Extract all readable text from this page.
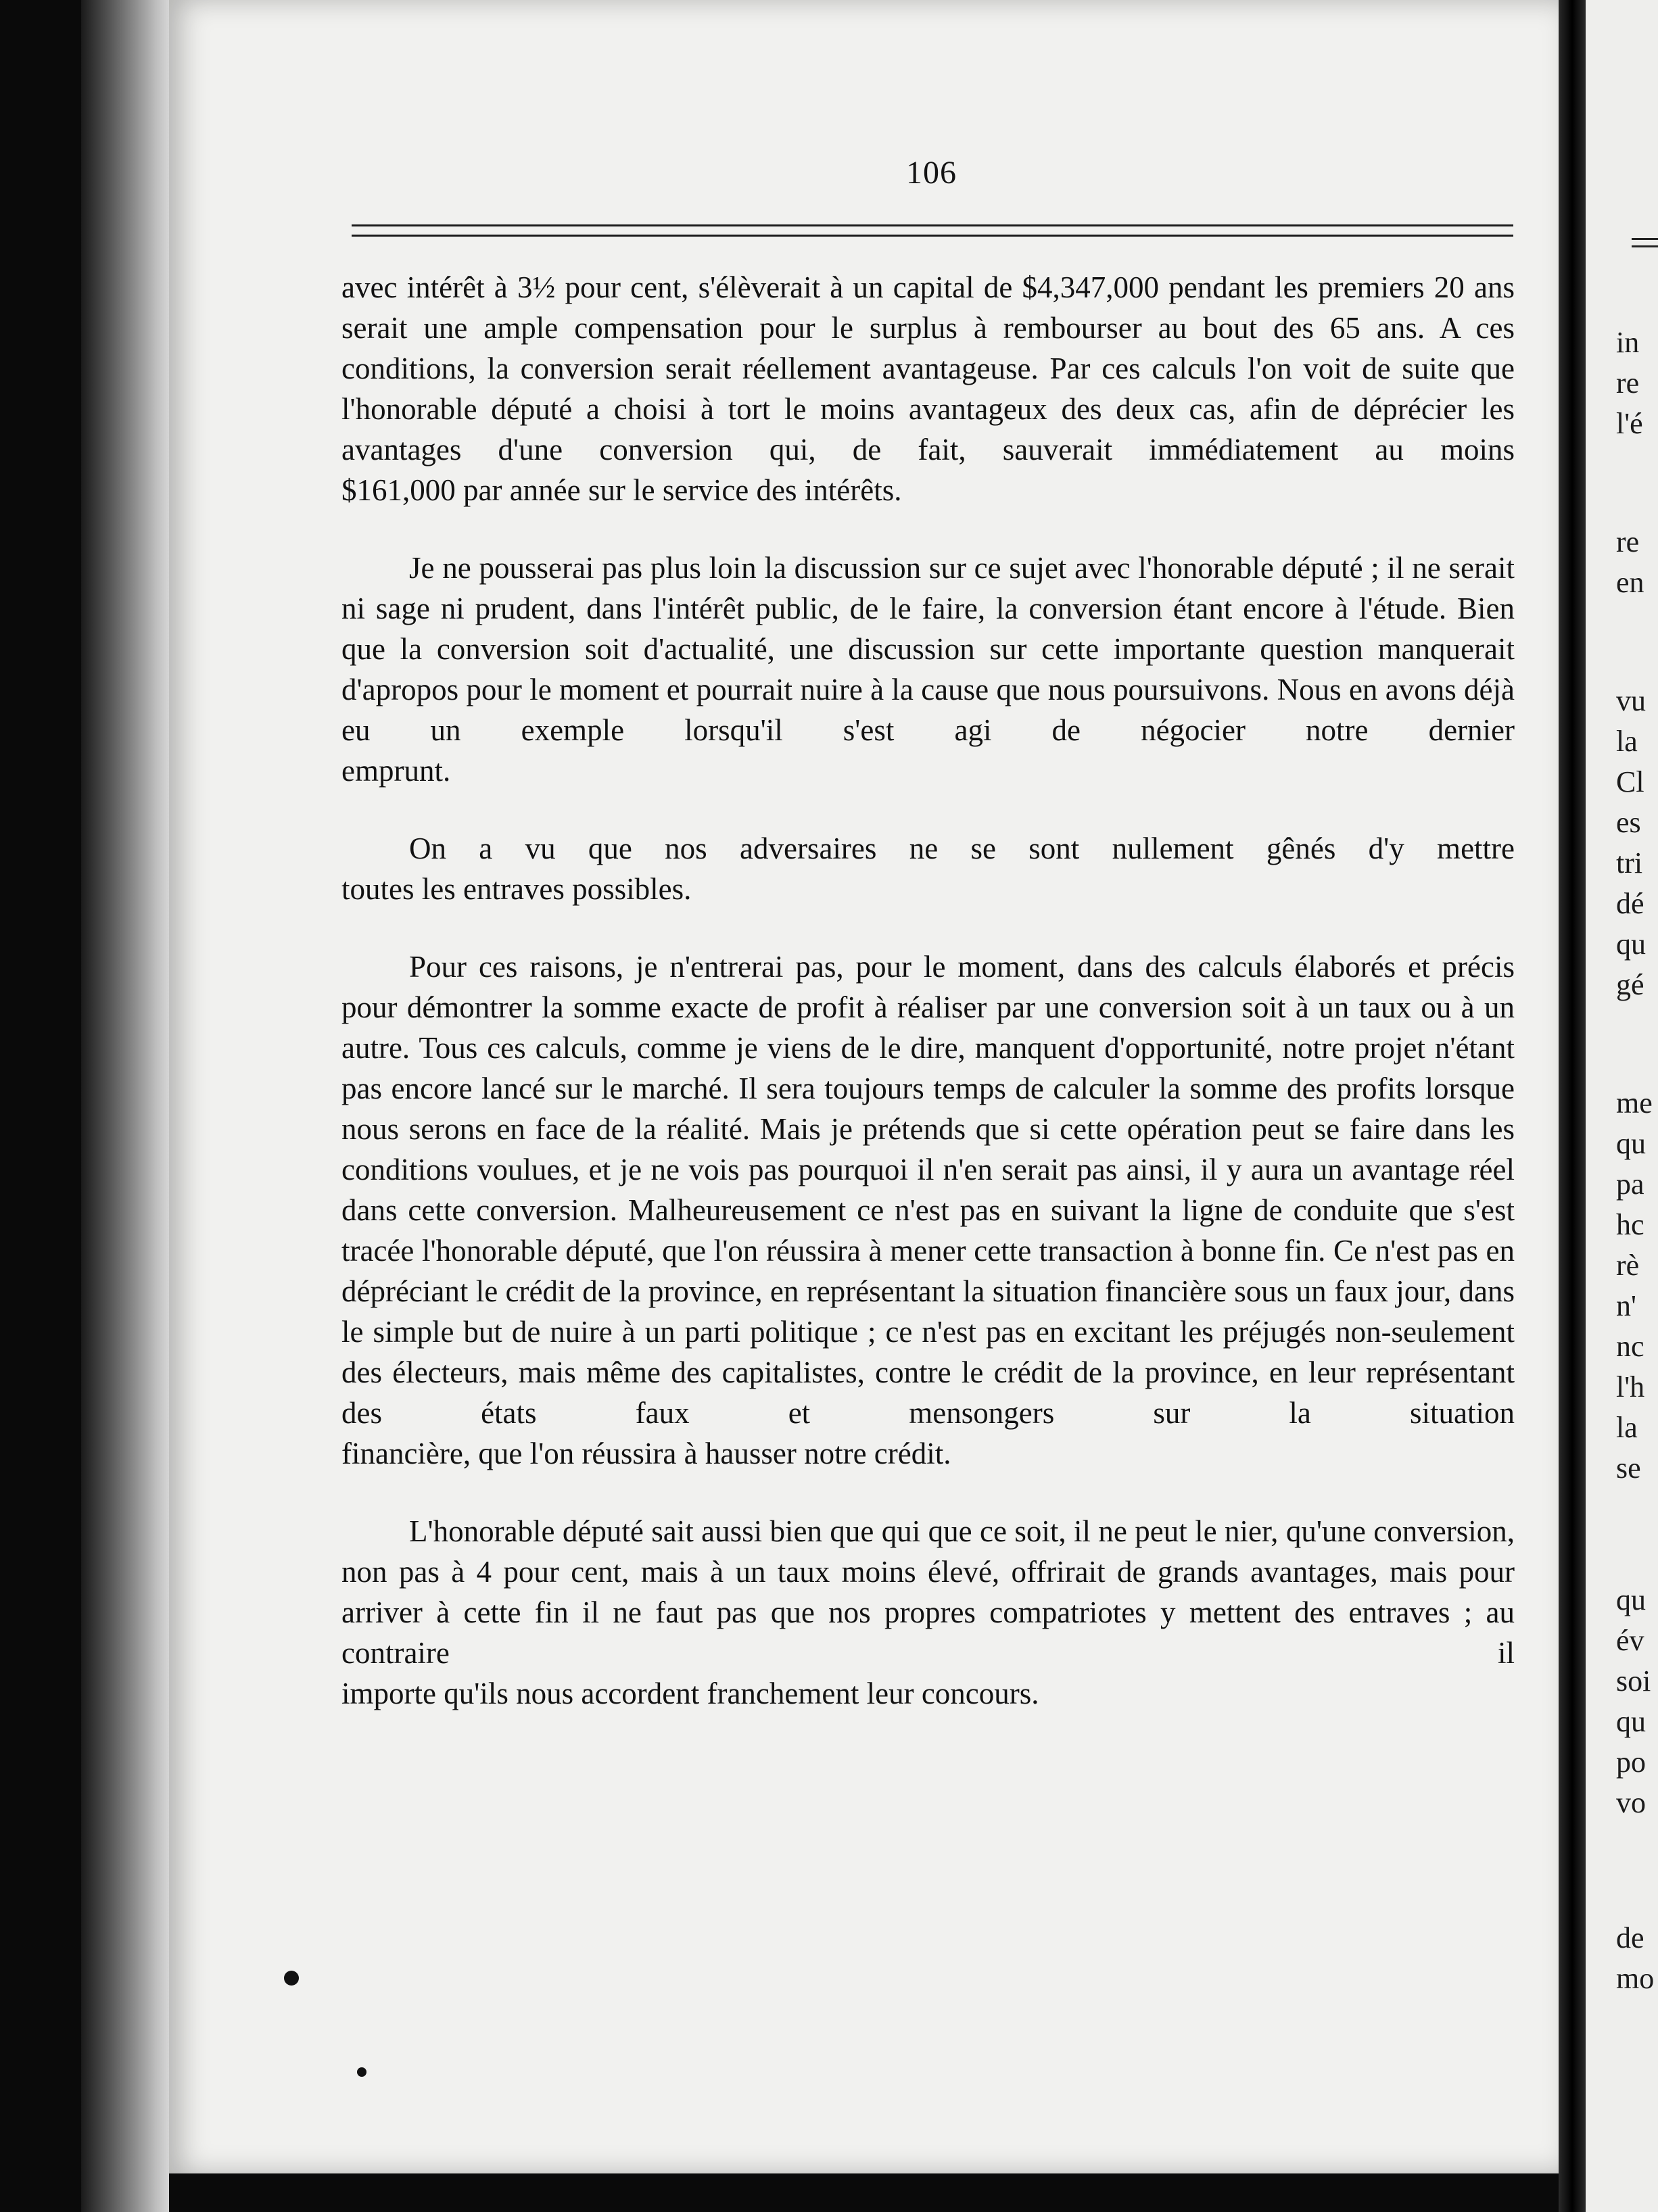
106

avec intérêt à 3½ pour cent, s'élèverait à un capital de $4,347,000 pendant les premiers 20 ans serait une ample compensation pour le surplus à rembourser au bout des 65 ans. A ces conditions, la conversion serait réellement avantageuse. Par ces calculs l'on voit de suite que l'honorable député a choisi à tort le moins avantageux des deux cas, afin de déprécier les avantages d'une conversion qui, de fait, sauverait immédiatement au moins
$161,000 par année sur le service des intérêts.

Je ne pousserai pas plus loin la discussion sur ce sujet avec l'honorable député ; il ne serait ni sage ni prudent, dans l'intérêt public, de le faire, la conversion étant encore à l'étude. Bien que la conversion soit d'actualité, une discussion sur cette importante question manquerait d'apropos pour le moment et pourrait nuire à la cause que nous poursuivons. Nous en avons déjà eu un exemple lorsqu'il s'est agi de négocier notre dernier
emprunt.

On a vu que nos adversaires ne se sont nullement gênés d'y mettre
toutes les entraves possibles.

Pour ces raisons, je n'entrerai pas, pour le moment, dans des calculs élaborés et précis pour démontrer la somme exacte de profit à réaliser par une conversion soit à un taux ou à un autre. Tous ces calculs, comme je viens de le dire, manquent d'opportunité, notre projet n'étant pas encore lancé sur le marché. Il sera toujours temps de calculer la somme des profits lorsque nous serons en face de la réalité. Mais je prétends que si cette opération peut se faire dans les conditions voulues, et je ne vois pas pourquoi il n'en serait pas ainsi, il y aura un avantage réel dans cette conversion. Malheureusement ce n'est pas en suivant la ligne de conduite que s'est tracée l'honorable député, que l'on réussira à mener cette transaction à bonne fin. Ce n'est pas en dépréciant le crédit de la province, en représentant la situation financière sous un faux jour, dans le simple but de nuire à un parti politique ; ce n'est pas en excitant les préjugés non-seulement des électeurs, mais même des capitalistes, contre le crédit de la province, en leur représentant des états faux et mensongers sur la situation
financière, que l'on réussira à hausser notre crédit.

L'honorable député sait aussi bien que qui que ce soit, il ne peut le nier, qu'une conversion, non pas à 4 pour cent, mais à un taux moins élevé, offrirait de grands avantages, mais pour arriver à cette fin il ne faut pas que nos propres compatriotes y mettent des entraves ; au contraire il
importe qu'ils nous accordent franchement leur concours.

in
re
l'é
re
en
vu
la
Cl
es
tri
dé
qu
gé
me
qu
pa
hc
rè
n'
nc
l'h
la
se
qu
év
soi
qu
po
vo
de
mo
